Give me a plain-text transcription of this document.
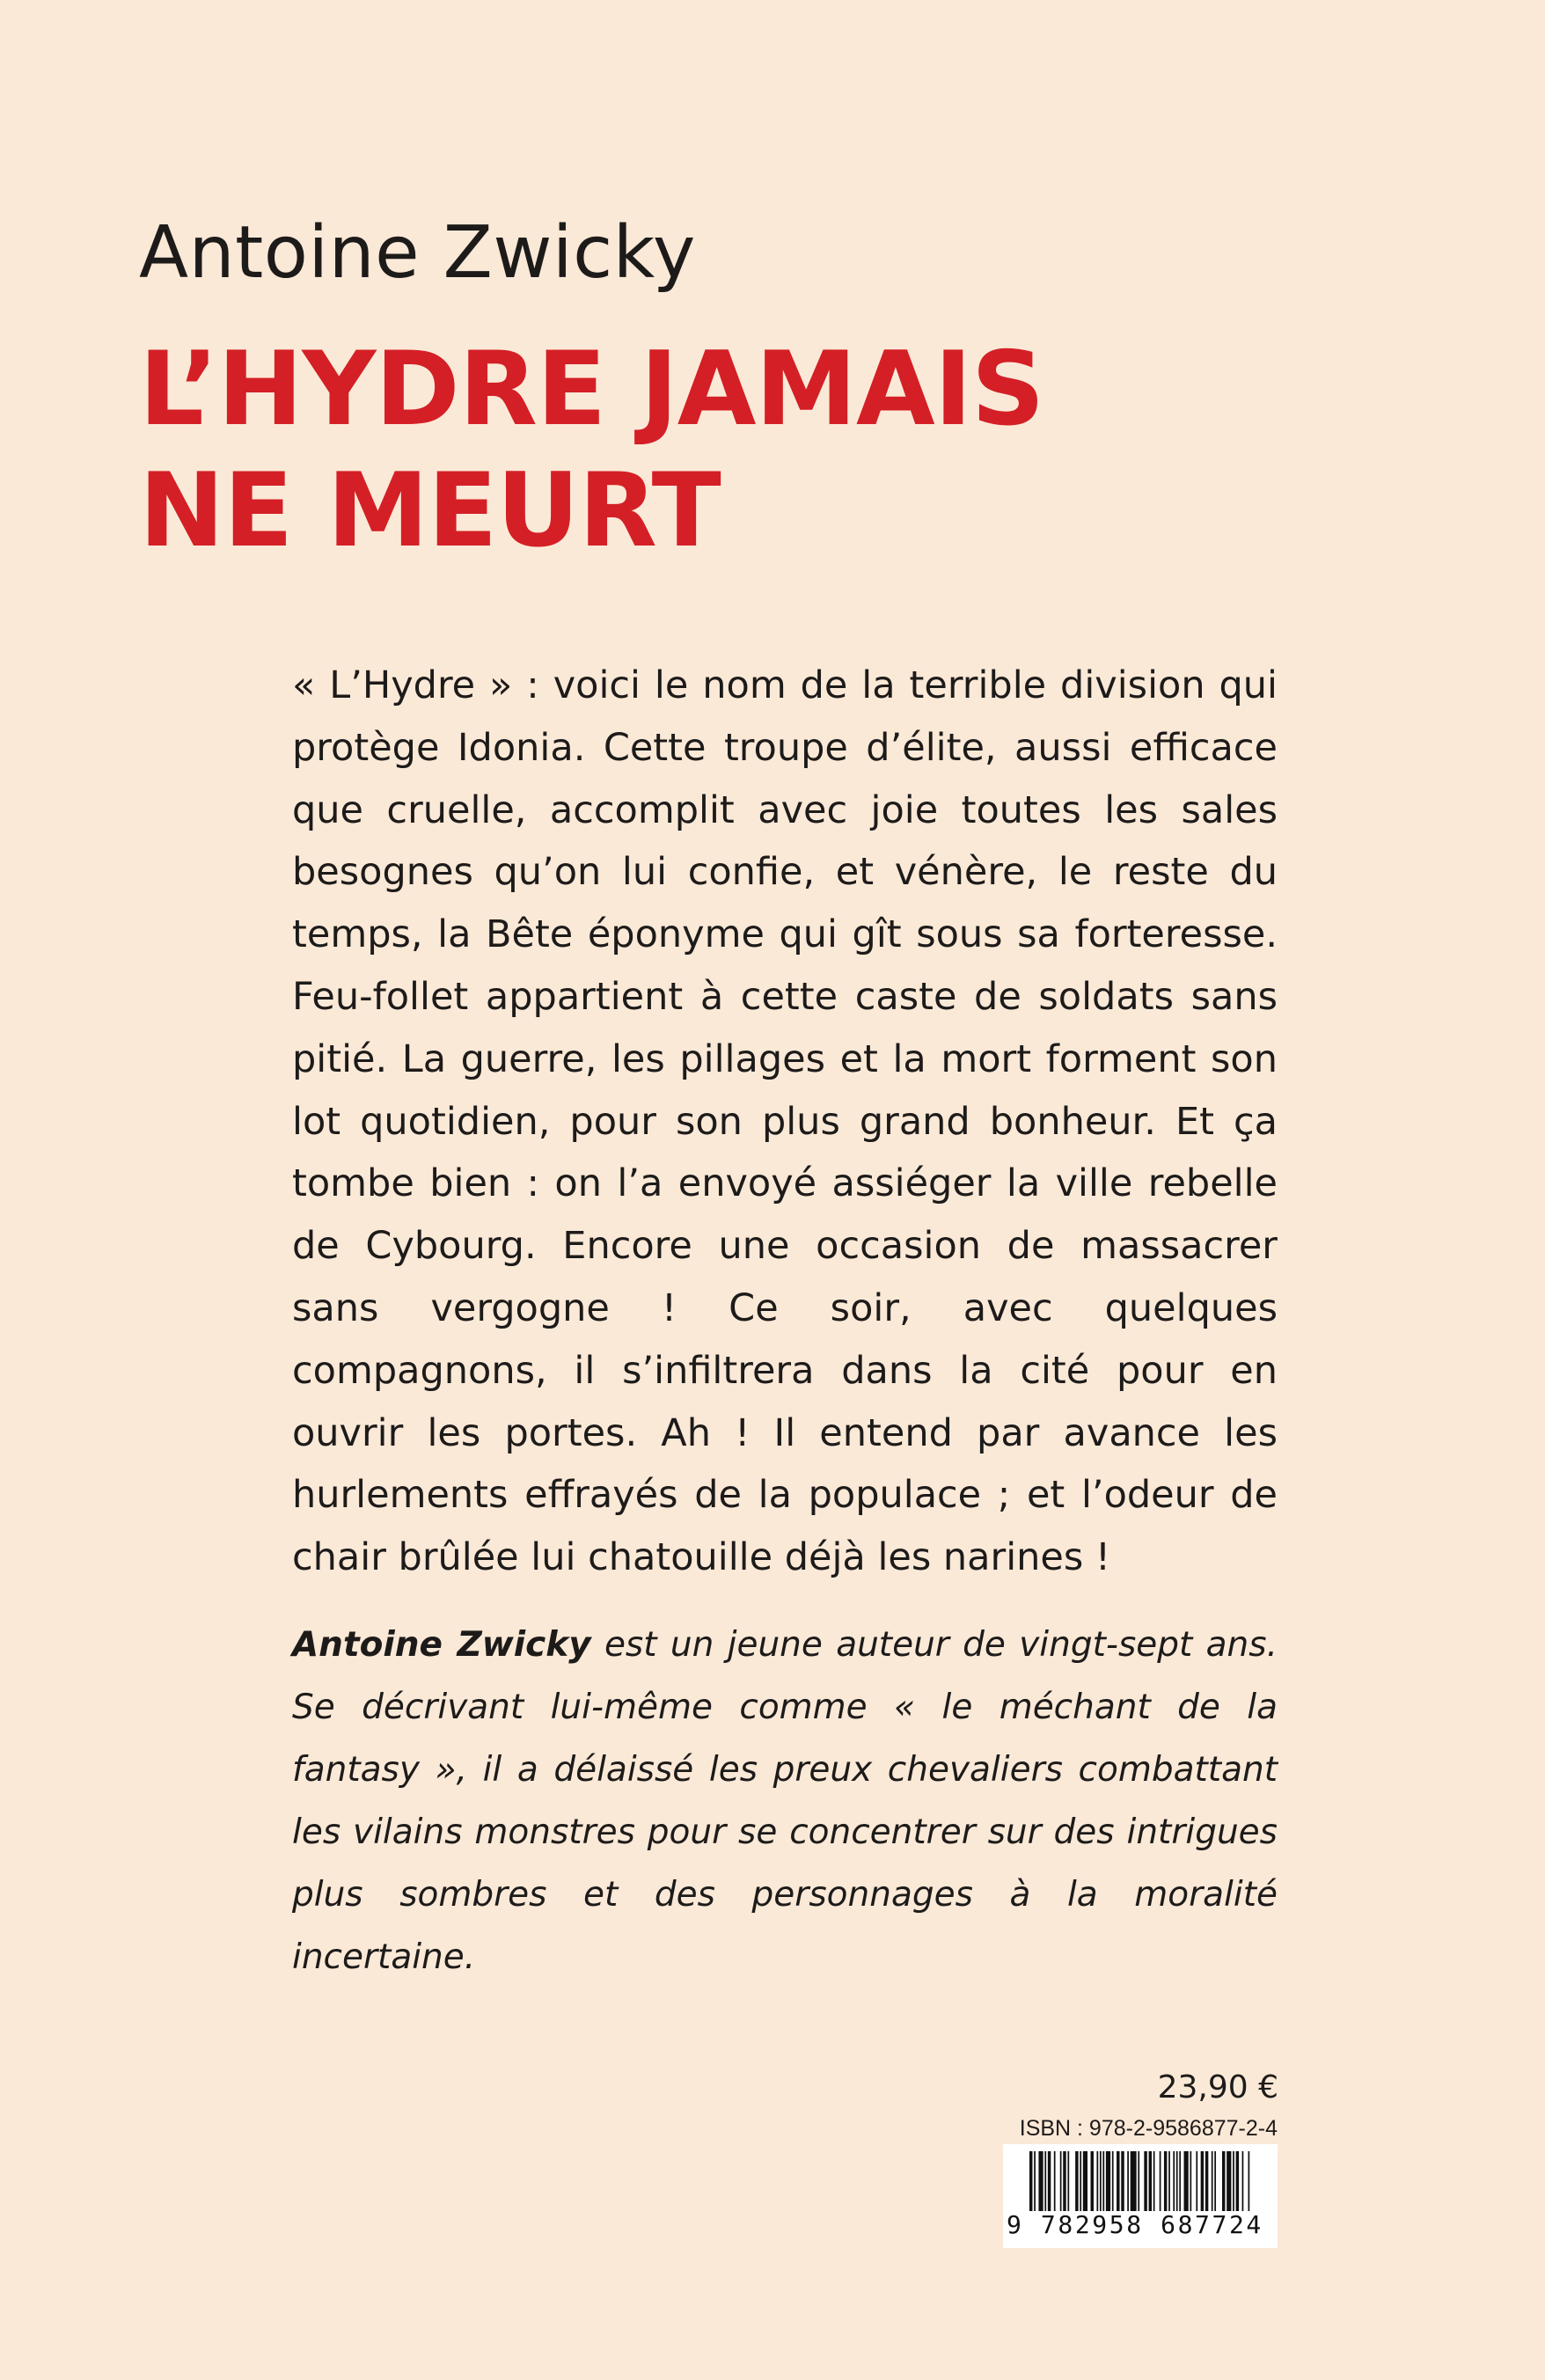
Antoine Zwicky
L’HYDRE JAMAIS
NE MEURT
« L’Hydre » : voici le nom de la terrible division qui protège Idonia. Cette troupe d’élite, aussi efficace que cruelle, accomplit avec joie toutes les sales besognes qu’on lui confie, et vénère, le reste du temps, la Bête éponyme qui gît sous sa forteresse. Feu-follet appartient à cette caste de soldats sans pitié. La guerre, les pillages et la mort forment son lot quotidien, pour son plus grand bonheur. Et ça tombe bien : on l’a envoyé assiéger la ville rebelle de Cybourg. Encore une occasion de massacrer sans vergogne ! Ce soir, avec quelques compagnons, il s’infiltrera dans la cité pour en ouvrir les portes. Ah ! Il entend par avance les hurlements effrayés de la populace ; et l’odeur de chair brûlée lui chatouille déjà les narines !
Antoine Zwicky est un jeune auteur de vingt-sept ans. Se décrivant lui-même comme « le méchant de la fantasy », il a délaissé les preux chevaliers combattant les vilains monstres pour se concentrer sur des intrigues plus sombres et des personnages à la moralité incertaine.
23,90 €
ISBN : 978-2-9586877-2-4
9 782958 687724
